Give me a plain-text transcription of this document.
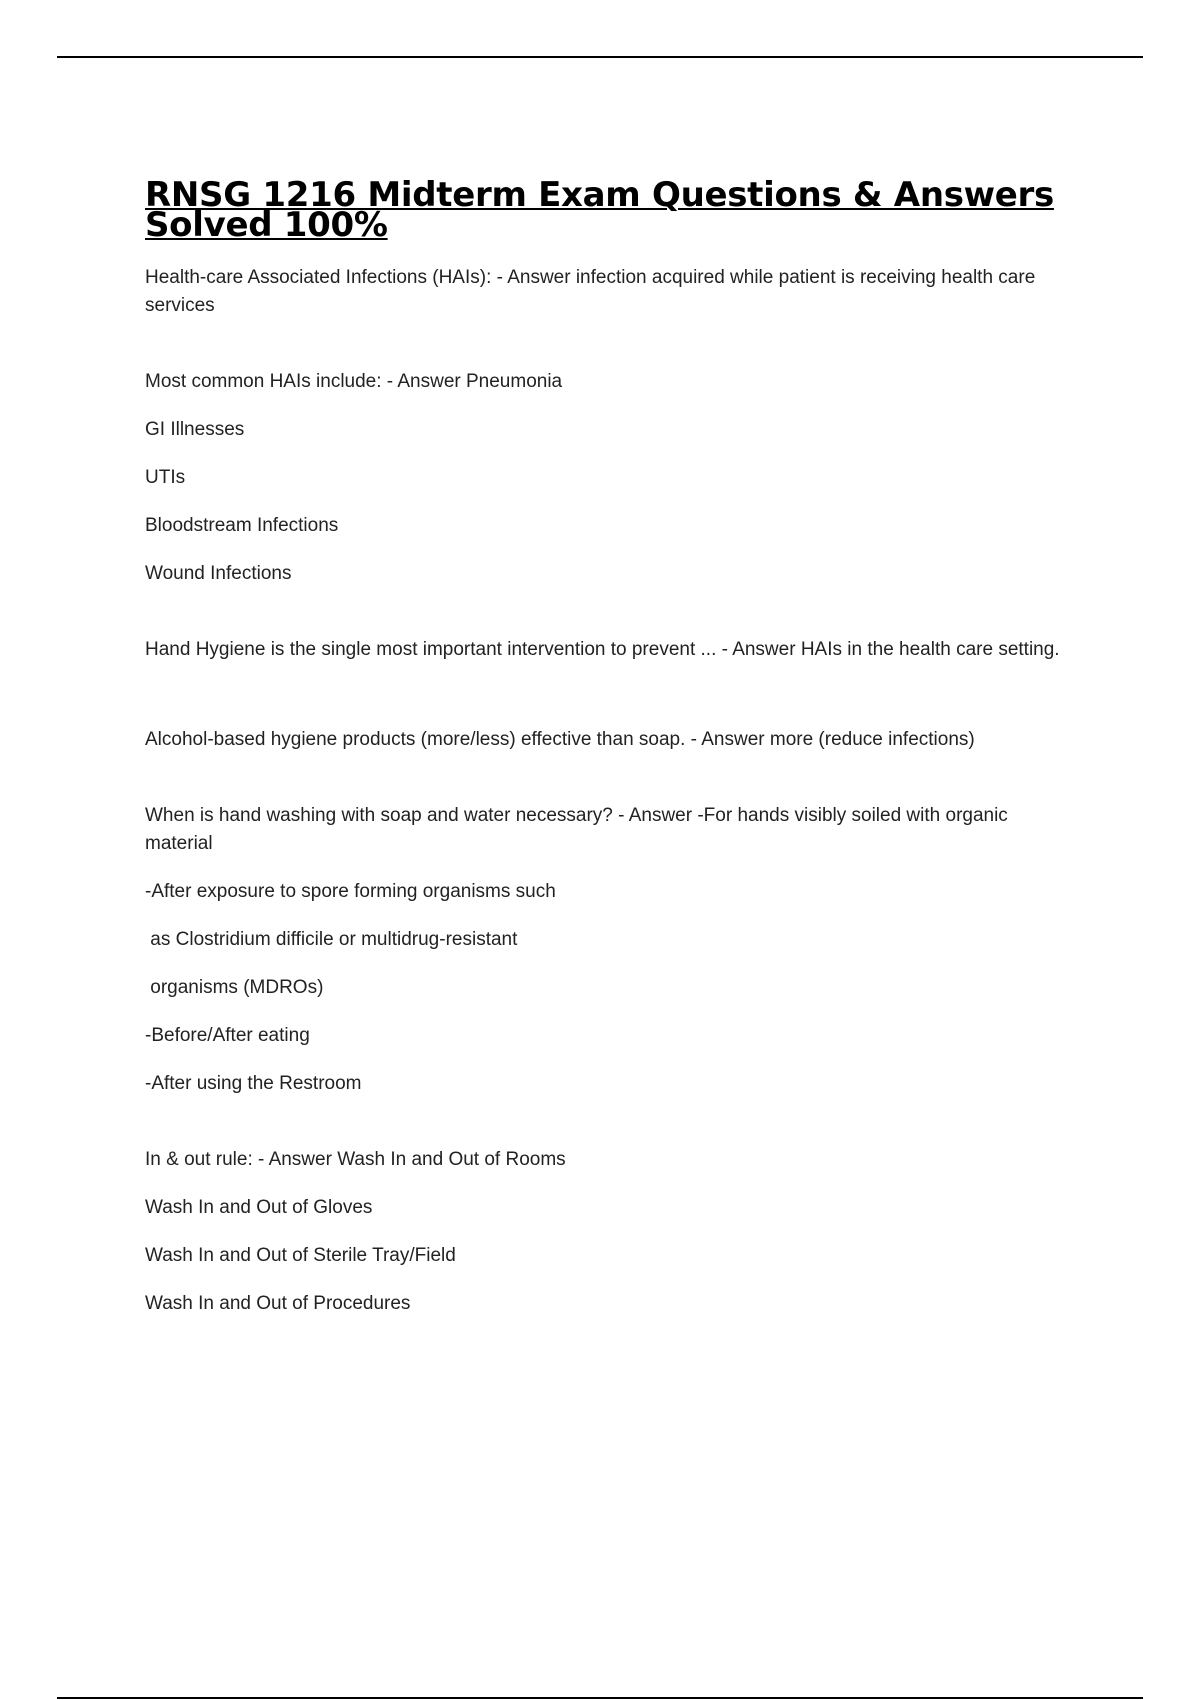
RNSG 1216 Midterm Exam Questions & Answers Solved 100%

Health-care Associated Infections (HAIs): - Answer infection acquired while patient is receiving health care services

Most common HAIs include: - Answer Pneumonia

GI Illnesses

UTIs

Bloodstream Infections

Wound Infections

Hand Hygiene is the single most important intervention to prevent ... - Answer HAIs in the health care setting.

Alcohol-based hygiene products (more/less) effective than soap. - Answer more (reduce infections)

When is hand washing with soap and water necessary? - Answer -For hands visibly soiled with organic material

-After exposure to spore forming organisms such

as Clostridium difficile or multidrug-resistant

organisms (MDROs)

-Before/After eating

-After using the Restroom

In & out rule: - Answer Wash In and Out of Rooms

Wash In and Out of Gloves

Wash In and Out of Sterile Tray/Field

Wash In and Out of Procedures
